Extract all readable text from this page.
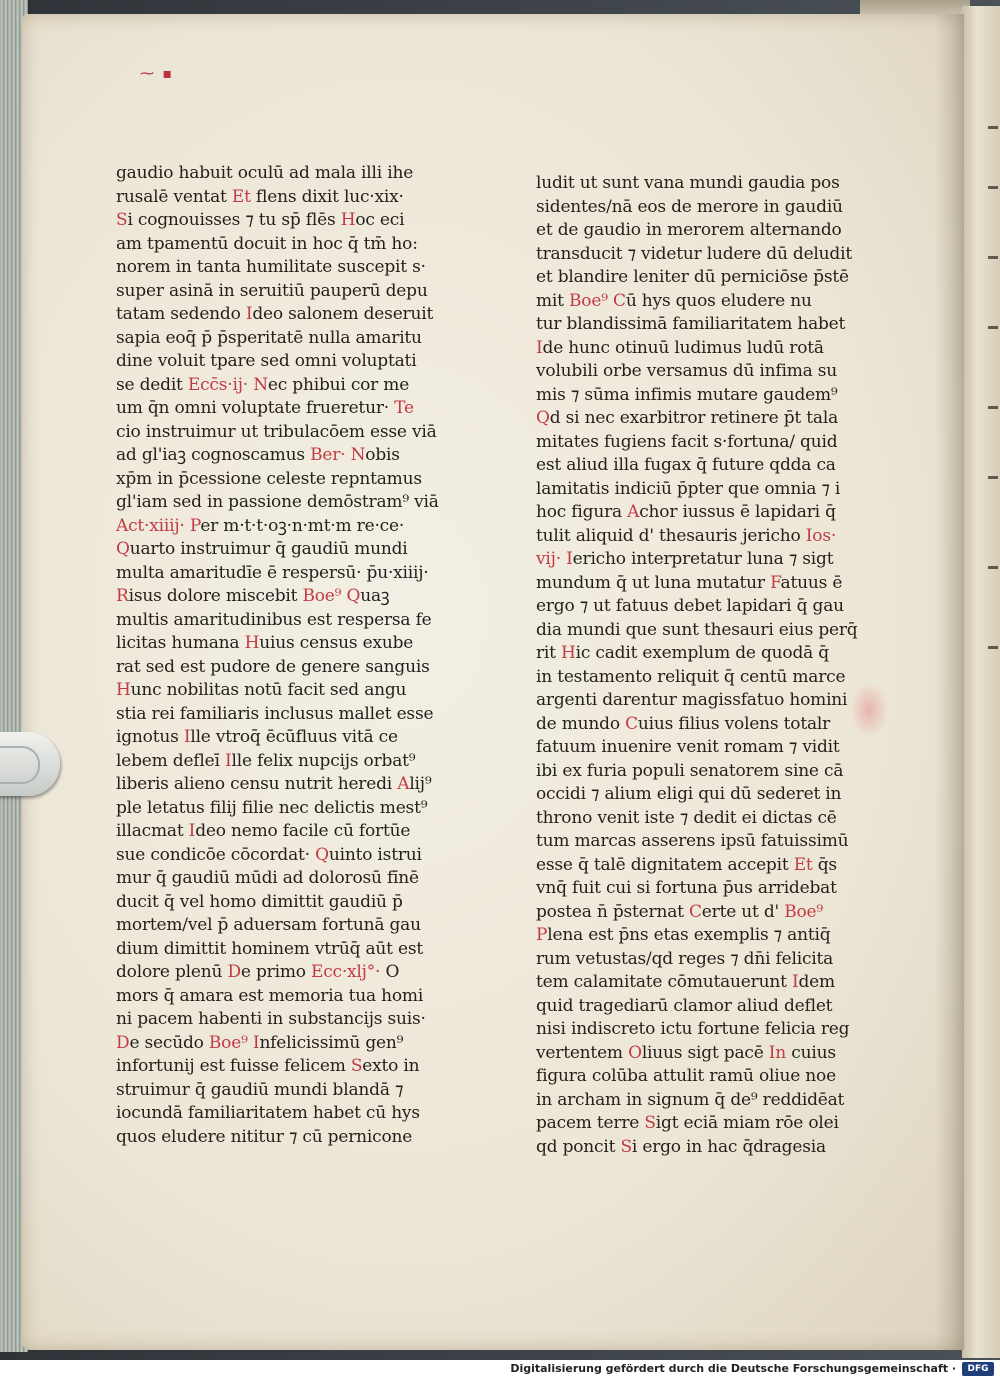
⁓ ▪
gaudio habuit oculū ad mala illi ihe
rusalē ventat Et flens dixit luc·xix·
Si cognouisses ⁊ tu sp̄ flēs Hoc eci
am tpamentū docuit in hoc q̄ tm̄ ho:
norem in tanta humilitate suscepit s·
super asinā in seruitiū pauperū depu
tatam sedendo Ideo salonem deseruit
sapia eoq̄ p̄ p̄speritatē nulla amaritu
dine voluit tpare sed omni voluptati
se dedit Ecc̄s·ij· Nec phibui cor me
um q̄n omni voluptate frueretur· Te
cio instruimur ut tribulacōem esse viā
ad gl'iaꝫ cognoscamus Ber· Nobis
xp̄m in p̄cessione celeste repntamus
gl'iam sed in passione demōstram⁹ viā
Act·xiiij· Per m·t·t·oꝫ·n·mt·m re·ce·
Quarto instruimur q̄ gaudiū mundi
multa amaritudīe ē respersū· p̄u·xiiij·
Risus dolore miscebit Boe⁹ Quaꝫ
multis amaritudinibus est respersa fe
licitas humana Huius census exube
rat sed est pudore de genere sanguis
Hunc nobilitas notū facit sed angu
stia rei familiaris inclusus mallet esse
ignotus Ille vtroq̄ ēcūfluus vitā ce
lebem defleī Ille felix nupcijs orbat⁹
liberis alieno censu nutrit heredi Alij⁹
ple letatus filij filie nec delictis mest⁹
illacmat Ideo nemo facile cū fortūe
sue condicōe cōcordat· Quinto istrui
mur q̄ gaudiū mūdi ad dolorosū fīnē
ducit q̄ vel homo dimittit gaudiū p̄
mortem/vel p̄ aduersam fortunā gau
dium dimittit hominem vtrūq̄ aūt est
dolore plenū De primo Ecc·xlj°· O
mors q̄ amara est memoria tua homi
ni pacem habenti in substancijs suis·
De secūdo Boe⁹ Infelicissimū gen⁹
infortunij est fuisse felicem Sexto in
struimur q̄ gaudiū mundi blandā ⁊
iocundā familiaritatem habet cū hys
quos eludere nititur ⁊ cū pernicone
ludit ut sunt vana mundi gaudia pos
sidentes/nā eos de merore in gaudiū
et de gaudio in merorem alternando
transducit ⁊ videtur ludere dū deludit
et blandire leniter dū perniciōse p̄stē
mit Boe⁹ Cū hys quos eludere nu
tur blandissimā familiaritatem habet
Ide hunc otinuū ludimus ludū rotā
volubili orbe versamus dū infima su
mis ⁊ sūma infimis mutare gaudem⁹
Qd si nec exarbitror retinere p̄t tala
mitates fugiens facit s·fortuna/ quid
est aliud illa fugax q̄ future qdda ca
lamitatis indiciū p̄pter que omnia ⁊ i
hoc figura Achor iussus ē lapidari q̄
tulit aliquid d' thesauris jericho Ios·
vij· Iericho interpretatur luna ⁊ sigt
mundum q̄ ut luna mutatur Fatuus ē
ergo ⁊ ut fatuus debet lapidari q̄ gau
dia mundi que sunt thesauri eius perq̄
rit Hic cadit exemplum de quodā q̄
in testamento reliquit q̄ centū marce
argenti darentur magissfatuo homini
de mundo Cuius filius volens totalr
fatuum inuenire venit romam ⁊ vidit
ibi ex furia populi senatorem sine cā
occidi ⁊ alium eligi qui dū sederet in
throno venit iste ⁊ dedit ei dictas cē
tum marcas asserens ipsū fatuissimū
esse q̄ talē dignitatem accepit Et q̄s
vnq̄ fuit cui si fortuna p̄us arridebat
postea n̄ p̄sternat Certe ut d' Boe⁹
Plena est p̄ns etas exemplis ⁊ antiq̄
rum vetustas/qd reges ⁊ dn̄i felicita
tem calamitate cōmutauerunt Idem
quid tragediarū clamor aliud deflet
nisi indiscreto ictu fortune felicia reg
vertentem Oliuus sigt pacē In cuius
figura colūba attulit ramū oliue noe
in archam in signum q̄ de⁹ reddidēat
pacem terre Sigt eciā miam rōe olei
qd poncit Si ergo in hac q̄dragesia
Digitalisierung gefördert durch die Deutsche Forschungsgemeinschaft ·	DFG
